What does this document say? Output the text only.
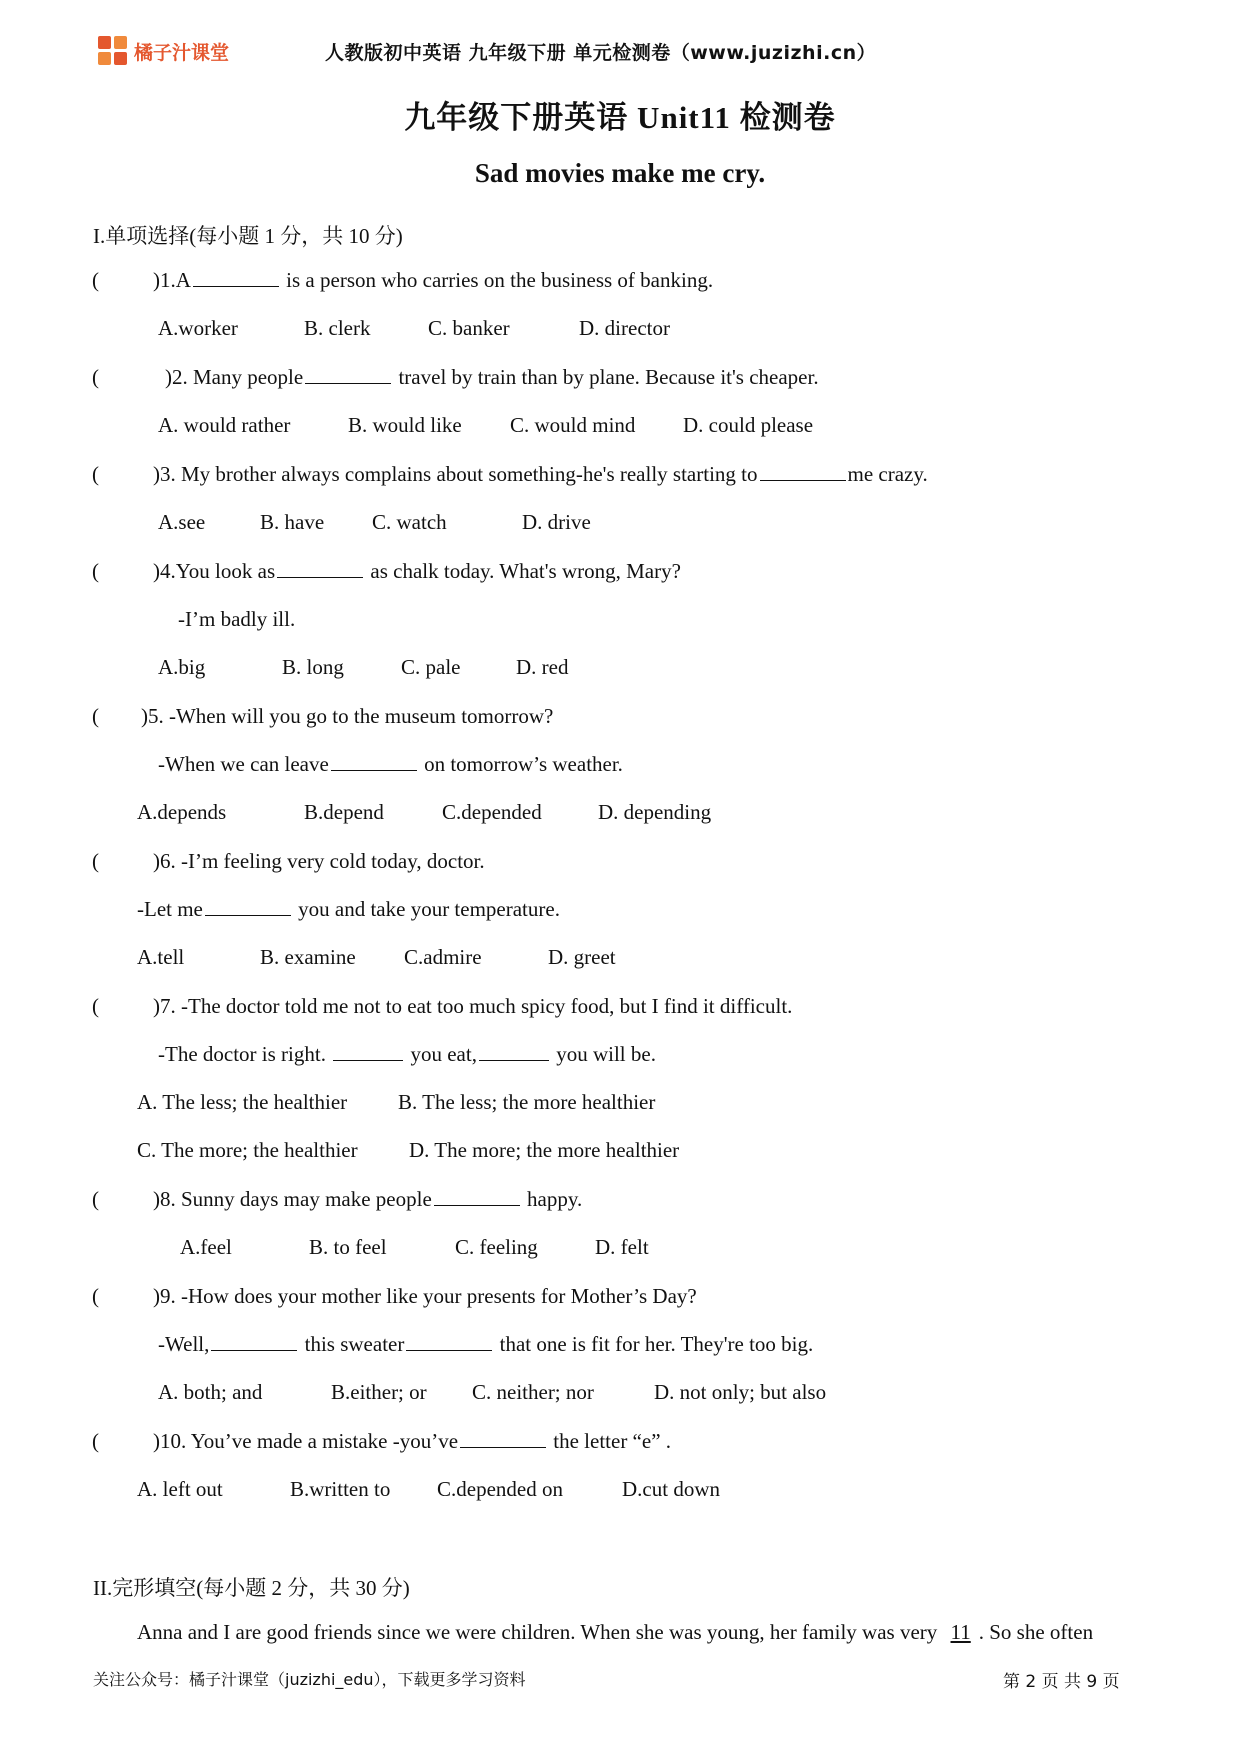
橘子汁课堂	人教版初中英语 九年级下册 单元检测卷（www.juzizhi.cn）
九年级下册英语 Unit11 检测卷
Sad movies make me cry.
I.单项选择(每小题 1 分，共 10 分)
(	)1.A	is a person who carries on the business of banking.
A.worker	B. clerk	C. banker	D. director
(	)2. Many people	travel by train than by plane. Because it's cheaper.
A. would rather	B. would like C. would mind D. could please
(	)3. My brother always complains about something-he's really starting to	me crazy.
A.see	B. have C. watch	D. drive
(	)4.You look as	as chalk today. What's wrong, Mary?
-I’m badly ill.
A.big	B. long	C. pale	D. red
( )5. -When will you go to the museum tomorrow?
-When we can leave	on tomorrow’s weather.
A.depends	B.depend	C.depended	D. depending
(	)6. -I’m feeling very cold today, doctor.
-Let me	you and take your temperature.
A.tell	B. examine C.admire	D. greet
(	)7. -The doctor told me not to eat too much spicy food, but I find it difficult.
-The doctor is right.	you eat,	you will be.
A. The less; the healthier B. The less; the more healthier
C. The more; the healthier D. The more; the more healthier
(	)8. Sunny days may make people	happy.
A.feel	B. to feel	C. feeling	D. felt
(	)9. -How does your mother like your presents for Mother’s Day?
-Well,	this sweater	that one is fit for her. They're too big.
A. both; and	B.either; or C. neither; nor	D. not only; but also
(	)10. You’ve made a mistake -you’ve	the letter “e” .
A. left out	B.written to C.depended on	D.cut down
II.完形填空(每小题 2 分，共 30 分)
Anna and I are good friends since we were children. When she was young, her family was very 11 . So she often
关注公众号：橘子汁课堂（juzizhi_edu），下载更多学习资料	第 2 页 共 9 页
